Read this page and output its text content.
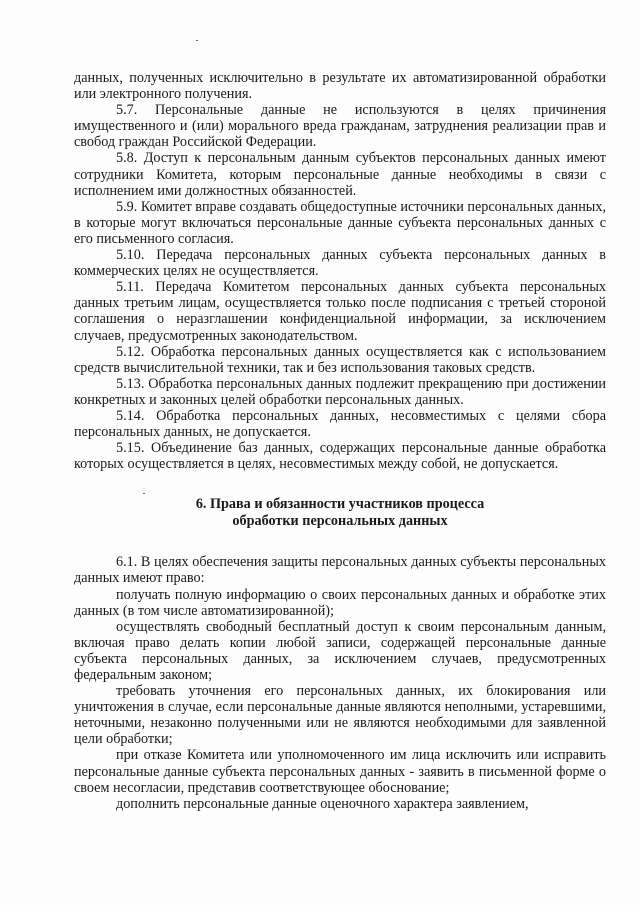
данных, полученных исключительно в результате их автоматизированной обработки или электронного получения.

5.7. Персональные данные не используются в целях причинения имущественного и (или) морального вреда гражданам, затруднения реализации прав и свобод граждан Российской Федерации.

5.8. Доступ к персональным данным субъектов персональных данных имеют сотрудники Комитета, которым персональные данные необходимы в связи с исполнением ими должностных обязанностей.

5.9. Комитет вправе создавать общедоступные источники персональных данных, в которые могут включаться персональные данные субъекта персональных данных с его письменного согласия.

5.10. Передача персональных данных субъекта персональных данных в коммерческих целях не осуществляется.

5.11. Передача Комитетом персональных данных субъекта персональных данных третьим лицам, осуществляется только после подписания с третьей стороной соглашения о неразглашении конфиденциальной информации, за исключением случаев, предусмотренных законодательством.

5.12. Обработка персональных данных осуществляется как с использованием средств вычислительной техники, так и без использования таковых средств.

5.13. Обработка персональных данных подлежит прекращению при достижении конкретных и законных целей обработки персональных данных.

5.14. Обработка персональных данных, несовместимых с целями сбора персональных данных, не допускается.

5.15. Объединение баз данных, содержащих персональные данные обработка которых осуществляется в целях, несовместимых между собой, не допускается.

6. Права и обязанности участников процесса
обработки персональных данных

6.1. В целях обеспечения защиты персональных данных субъекты персональных данных имеют право:

получать полную информацию о своих персональных данных и обработке этих данных (в том числе автоматизированной);

осуществлять свободный бесплатный доступ к своим персональным данным, включая право делать копии любой записи, содержащей персональные данные субъекта персональных данных, за исключением случаев, предусмотренных федеральным законом;

требовать уточнения его персональных данных, их блокирования или уничтожения в случае, если персональные данные являются неполными, устаревшими, неточными, незаконно полученными или не являются необходимыми для заявленной цели обработки;

при отказе Комитета или уполномоченного им лица исключить или исправить персональные данные субъекта персональных данных - заявить в письменной форме о своем несогласии, представив соответствующее обоснование;

дополнить персональные данные оценочного характера заявлением,
